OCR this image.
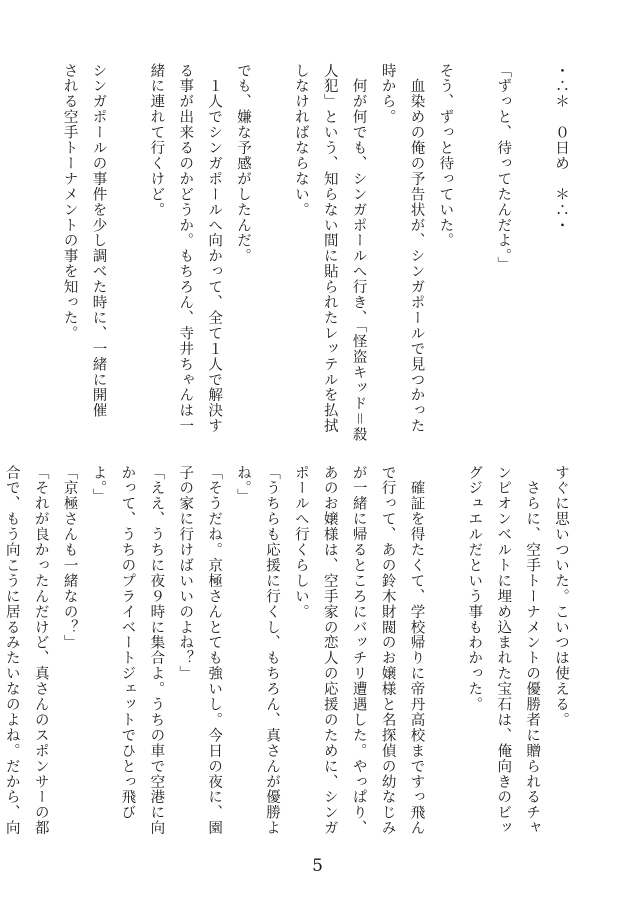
・∴＊　０日め　＊∴・

「ずっと、待ってたんだよ。」

そう、ずっと待っていた。
　血染めの俺の予告状が、シンガポールで見つかった
時から。
　何が何でも、シンガポールへ行き、「怪盗キッド＝殺
人犯」という、知らない間に貼られたレッテルを払拭
しなければならない。

でも、嫌な予感がしたんだ。
　１人でシンガポールへ向かって、全て１人で解決す
る事が出来るのかどうか。もちろん、寺井ちゃんは一
緒に連れて行くけど。

シンガポールの事件を少し調べた時に、一緒に開催
される空手トーナメントの事を知った。
すぐに思いついた。こいつは使える。
　さらに、空手トーナメントの優勝者に贈られるチャ
ンピオンベルトに埋め込まれた宝石は、俺向きのビッ
グジュエルだという事もわかった。

　確証を得たくて、学校帰りに帝丹高校まですっ飛ん
で行って、あの鈴木財閥のお嬢様と名探偵の幼なじみ
が一緒に帰るところにバッチリ遭遇した。やっぱり、
あのお嬢様は、空手家の恋人の応援のために、シンガ
ポールへ行くらしい。
「うちらも応援に行くし、もちろん、真さんが優勝よ
ね。」
「そうだね。京極さんとても強いし。今日の夜に、園
子の家に行けばいいのよね？」
「ええ、うちに夜９時に集合よ。うちの車で空港に向
かって、うちのプライベートジェットでひとっ飛び
よ。」
「京極さんも一緒なの？」
「それが良かったんだけど、真さんのスポンサーの都
合で、もう向こうに居るみたいなのよね。だから、向
5
